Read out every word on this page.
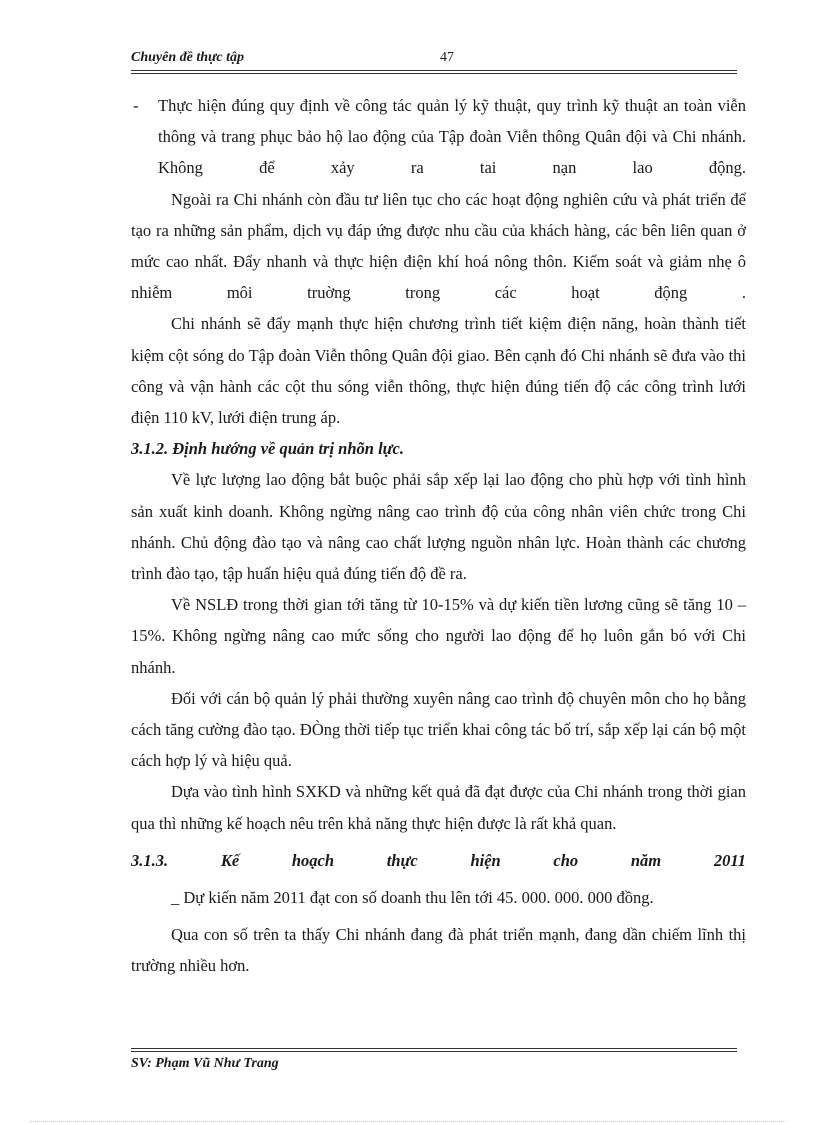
Chuyên đề thực tập	47

- Thực hiện đúng quy định về công tác quản lý kỹ thuật, quy trình kỹ thuật an toàn viễn thông và trang phục bảo hộ lao động của Tập đoàn Viễn thông Quân đội và Chi nhánh. Không để xảy ra tai nạn lao động.

Ngoài ra Chi nhánh còn đầu tư liên tục cho các hoạt động nghiên cứu và phát triển để tạo ra những sản phẩm, dịch vụ đáp ứng được nhu cầu của khách hàng, các bên liên quan ở mức cao nhất. Đẩy nhanh và thực hiện điện khí hoá nông thôn. Kiểm soát và giảm nhẹ ô nhiễm môi truờng trong các hoạt động .

Chi nhánh sẽ đẩy mạnh thực hiện chương trình tiết kiệm điện năng, hoàn thành tiết kiệm cột sóng do Tập đoàn Viễn thông Quân đội giao. Bên cạnh đó Chi nhánh sẽ đưa vào thi công và vận hành các cột thu sóng viễn thông, thực hiện đúng tiến độ các công trình lưới điện 110 kV, lưới điện trung áp.

3.1.2. Định hướng về quản trị nhõn lực.

Về lực lượng lao động bắt buộc phải sắp xếp lại lao động cho phù hợp với tình hình sản xuất kinh doanh. Không ngừng nâng cao trình độ của công nhân viên chức trong Chi nhánh. Chủ động đào tạo và nâng cao chất lượng nguồn nhân lực. Hoàn thành các chương trình đào tạo, tập huấn hiệu quả đúng tiến độ đề ra.

Về NSLĐ trong thời gian tới tăng từ 10-15% và dự kiến tiền lương cũng sẽ tăng 10 – 15%. Không ngừng nâng cao mức sống cho người lao động để họ luôn gắn bó với Chi nhánh.

Đối với cán bộ quản lý phải thường xuyên nâng cao trình độ chuyên môn cho họ bằng cách tăng cường đào tạo. ĐÒng thời tiếp tục triển khai công tác bố trí, sắp xếp lại cán bộ một cách hợp lý và hiệu quả.

Dựa vào tình hình SXKD và những kết quả đã đạt được của Chi nhánh trong thời gian qua thì những kế hoạch nêu trên khả năng thực hiện được là rất khả quan.

3.1.3.	Kế	hoạch	thực	hiện	cho	năm	2011

_ Dự kiến năm 2011 đạt con số doanh thu lên tới 45. 000. 000. 000 đồng.

Qua con số trên ta thấy Chi nhánh đang đà phát triển mạnh, đang dần chiếm lĩnh thị trường nhiều hơn.

SV: Phạm Vũ Như Trang
